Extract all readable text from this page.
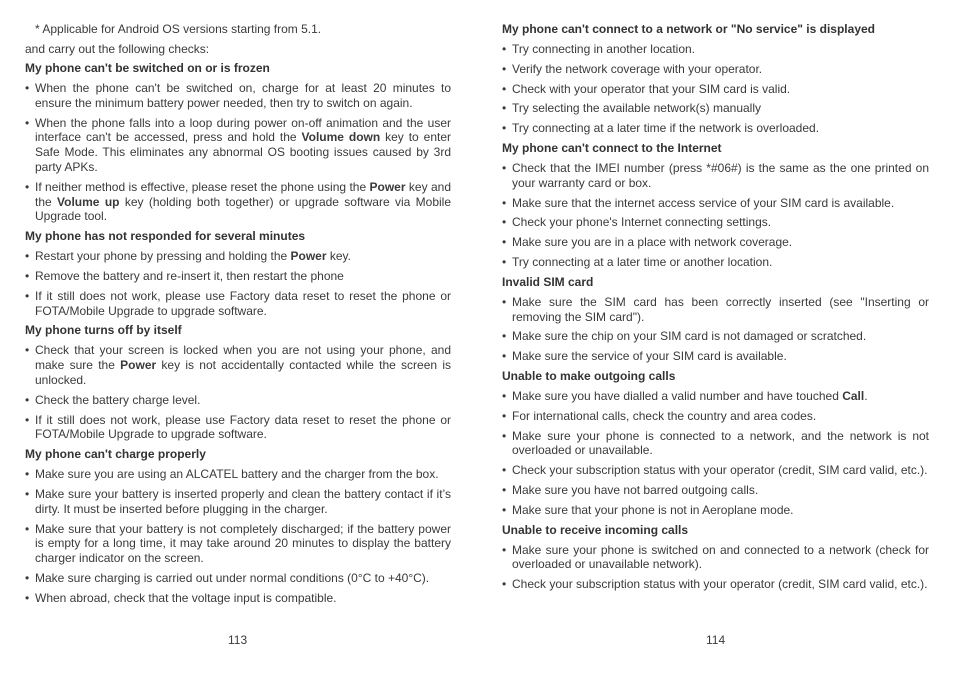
* Applicable for Android OS versions starting from 5.1.

and carry out the following checks:

My phone can't be switched on or is frozen
• When the phone can't be switched on, charge for at least 20 minutes to ensure the minimum battery power needed, then try to switch on again.
• When the phone falls into a loop during power on-off animation and the user interface can't be accessed, press and hold the Volume down key to enter Safe Mode. This eliminates any abnormal OS booting issues caused by 3rd party APKs.
• If neither method is effective, please reset the phone using the Power key and the Volume up key (holding both together) or upgrade software via Mobile Upgrade tool.
My phone has not responded for several minutes
• Restart your phone by pressing and holding the Power key.
• Remove the battery and re-insert it, then restart the phone
• If it still does not work, please use Factory data reset to reset the phone or FOTA/Mobile Upgrade to upgrade software.
My phone turns off by itself
• Check that your screen is locked when you are not using your phone, and make sure the Power key is not accidentally contacted while the screen is unlocked.
• Check the battery charge level.
• If it still does not work, please use Factory data reset to reset the phone or FOTA/Mobile Upgrade to upgrade software.
My phone can't charge properly
• Make sure you are using an ALCATEL battery and the charger from the box.
• Make sure your battery is inserted properly and clean the battery contact if it’s dirty. It must be inserted before plugging in the charger.
• Make sure that your battery is not completely discharged; if the battery power is empty for a long time, it may take around 20 minutes to display the battery charger indicator on the screen.
• Make sure charging is carried out under normal conditions (0°C to +40°C).
• When abroad, check that the voltage input is compatible.
113
My phone can't connect to a network or "No service" is displayed
• Try connecting in another location.
• Verify the network coverage with your operator.
• Check with your operator that your SIM card is valid.
• Try selecting the available network(s) manually
• Try connecting at a later time if the network is overloaded.
My phone can't connect to the Internet
• Check that the IMEI number (press *#06#) is the same as the one printed on your warranty card or box.
• Make sure that the internet access service of your SIM card is available.
• Check your phone's Internet connecting settings.
• Make sure you are in a place with network coverage.
• Try connecting at a later time or another location.
Invalid SIM card
• Make sure the SIM card has been correctly inserted (see "Inserting or removing the SIM card").
• Make sure the chip on your SIM card is not damaged or scratched.
• Make sure the service of your SIM card is available.
Unable to make outgoing calls
• Make sure you have dialled a valid number and have touched Call.
• For international calls, check the country and area codes.
• Make sure your phone is connected to a network, and the network is not overloaded or unavailable.
• Check your subscription status with your operator (credit, SIM card valid, etc.).
• Make sure you have not barred outgoing calls.
• Make sure that your phone is not in Aeroplane mode.
Unable to receive incoming calls
• Make sure your phone is switched on and connected to a network (check for overloaded or unavailable network).
• Check your subscription status with your operator (credit, SIM card valid, etc.).
114
